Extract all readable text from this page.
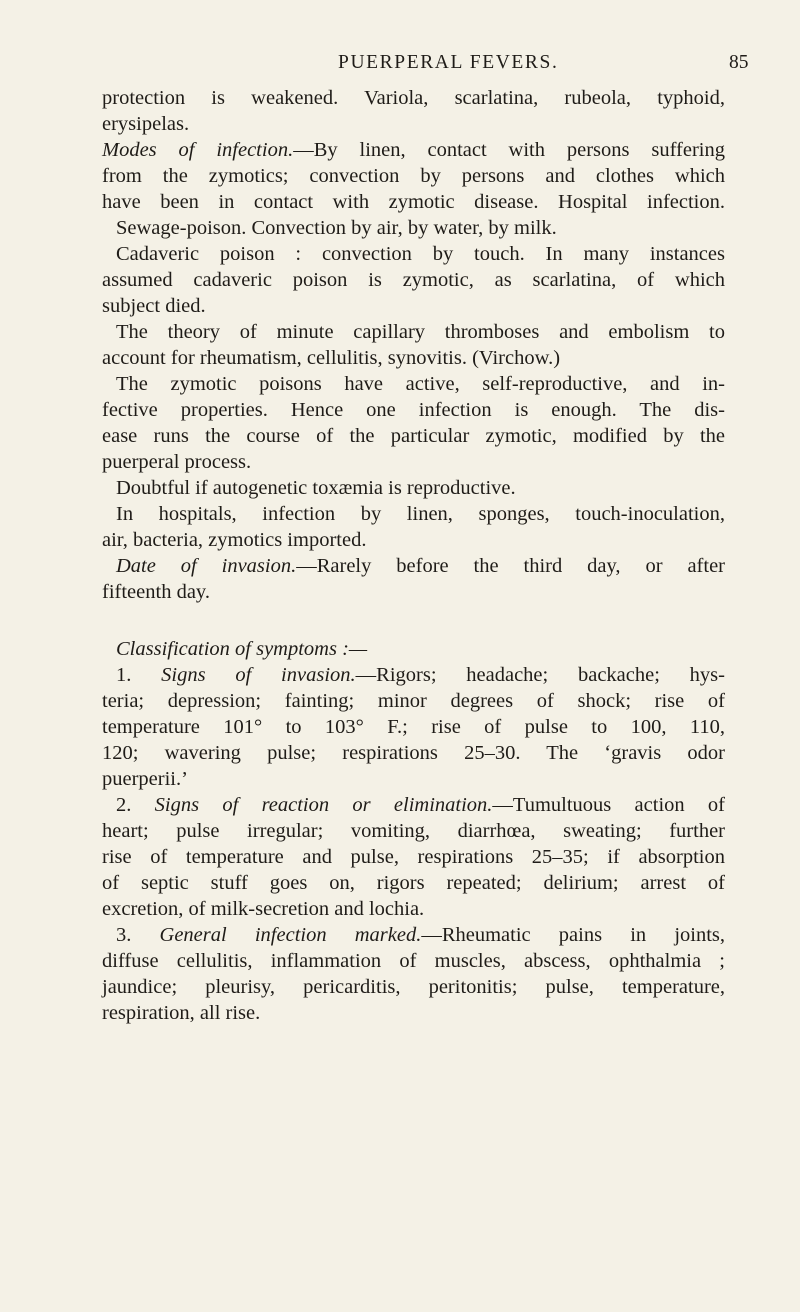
PUERPERAL FEVERS.	85
protection is weakened. Variola, scarlatina, rubeola, typhoid,
erysipelas.
Modes of infection.—By linen, contact with persons suffering
from the zymotics; convection by persons and clothes which
have been in contact with zymotic disease. Hospital infection.
Sewage-poison. Convection by air, by water, by milk.
Cadaveric poison : convection by touch. In many instances
assumed cadaveric poison is zymotic, as scarlatina, of which
subject died.
The theory of minute capillary thromboses and embolism to
account for rheumatism, cellulitis, synovitis. (Virchow.)
The zymotic poisons have active, self-reproductive, and in-
fective properties. Hence one infection is enough. The dis-
ease runs the course of the particular zymotic, modified by the
puerperal process.
Doubtful if autogenetic toxæmia is reproductive.
In hospitals, infection by linen, sponges, touch-inoculation,
air, bacteria, zymotics imported.
Date of invasion.—Rarely before the third day, or after
fifteenth day.
Classification of symptoms :—
1. Signs of invasion.—Rigors; headache; backache; hys-
teria; depression; fainting; minor degrees of shock; rise of
temperature 101° to 103° F.; rise of pulse to 100, 110,
120; wavering pulse; respirations 25–30. The ‘gravis odor
puerperii.’
2. Signs of reaction or elimination.—Tumultuous action of
heart; pulse irregular; vomiting, diarrhœa, sweating; further
rise of temperature and pulse, respirations 25–35; if absorption
of septic stuff goes on, rigors repeated; delirium; arrest of
excretion, of milk-secretion and lochia.
3. General infection marked.—Rheumatic pains in joints,
diffuse cellulitis, inflammation of muscles, abscess, ophthalmia ;
jaundice; pleurisy, pericarditis, peritonitis; pulse, temperature,
respiration, all rise.
